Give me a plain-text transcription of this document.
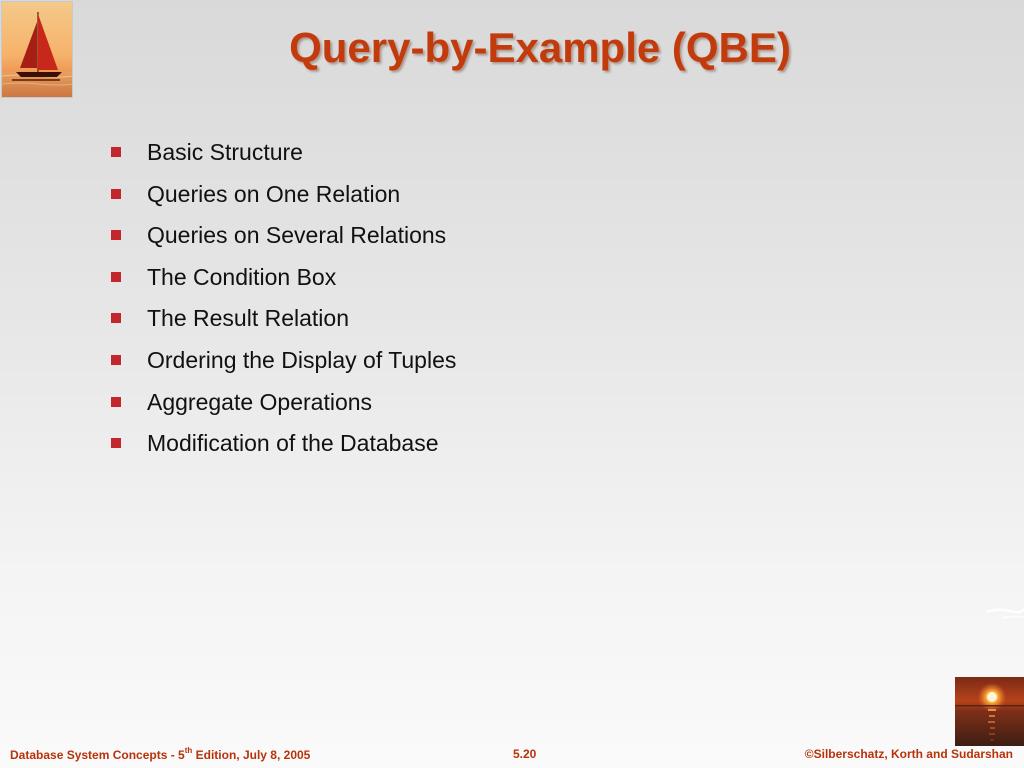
Query-by-Example (QBE)
Basic Structure
Queries on One Relation
Queries on Several Relations
The Condition Box
The Result Relation
Ordering the Display of Tuples
Aggregate Operations
Modification of the Database
Database System Concepts - 5th Edition, July 8, 2005	5.20	©Silberschatz, Korth and Sudarshan
